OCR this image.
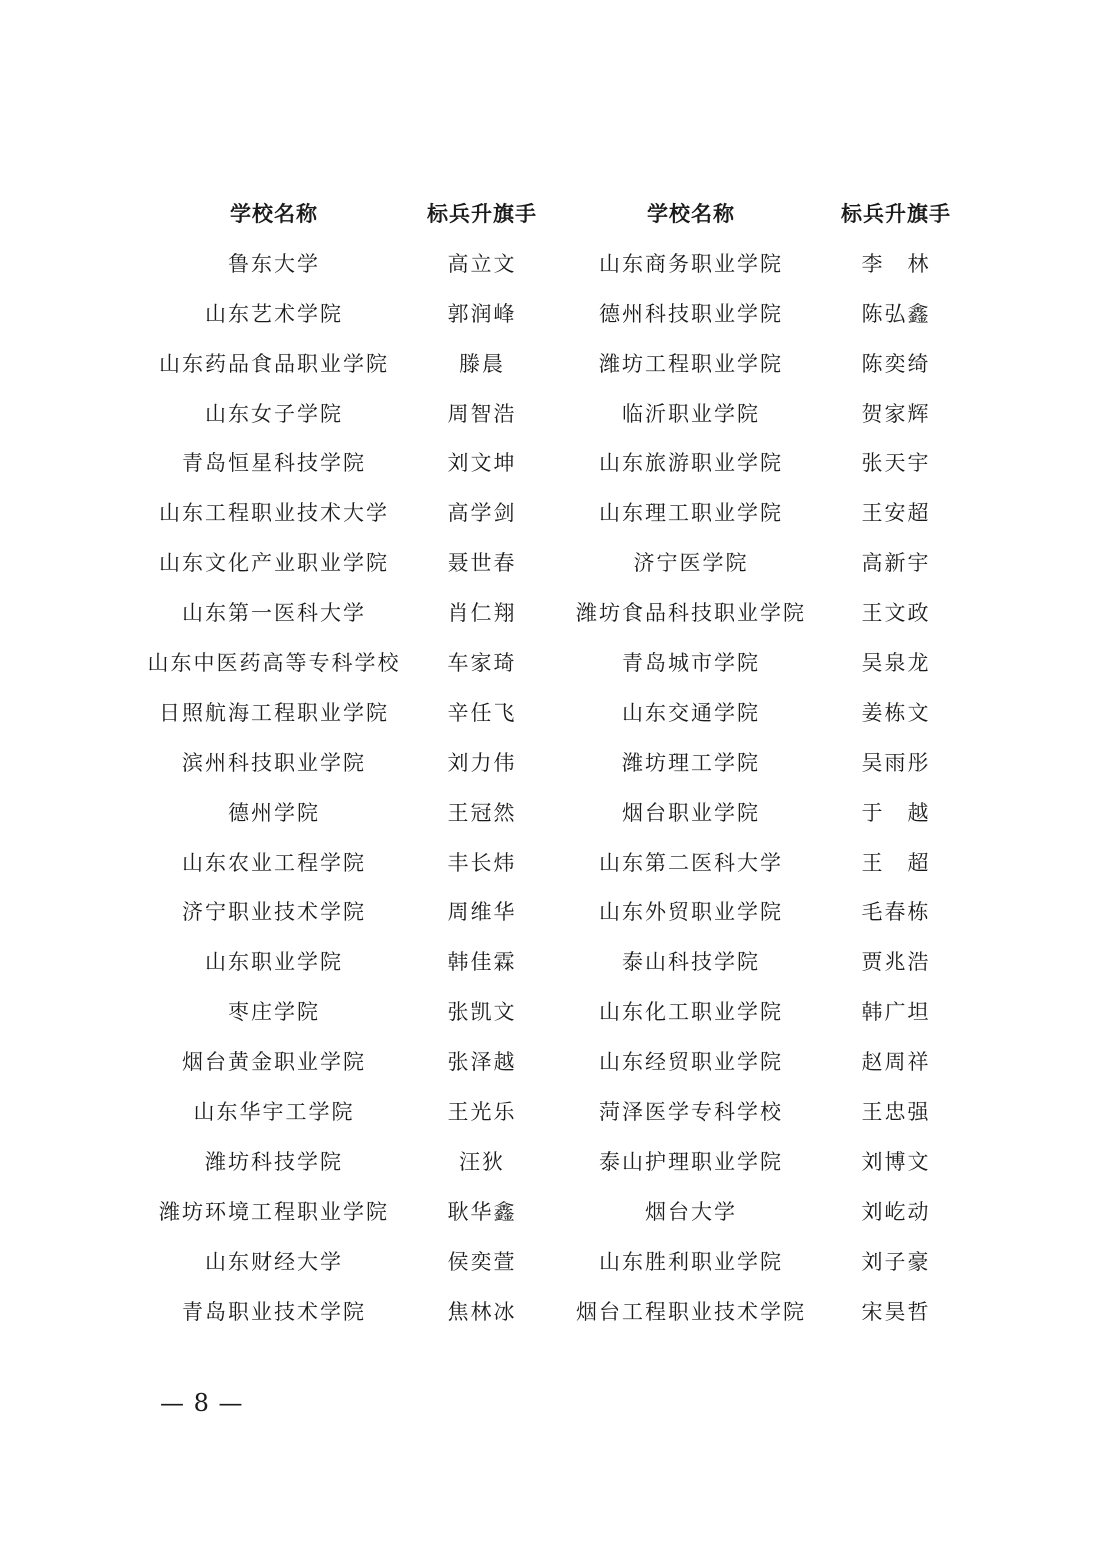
学校名称	标兵升旗手	学校名称	标兵升旗手
鲁东大学	高立文	山东商务职业学院	李　林
山东艺术学院	郭润峰	德州科技职业学院	陈弘鑫
山东药品食品职业学院	滕晨	潍坊工程职业学院	陈奕绮
山东女子学院	周智浩	临沂职业学院	贺家辉
青岛恒星科技学院	刘文坤	山东旅游职业学院	张天宇
山东工程职业技术大学	高学剑	山东理工职业学院	王安超
山东文化产业职业学院	聂世春	济宁医学院	高新宇
山东第一医科大学	肖仁翔	潍坊食品科技职业学院	王文政
山东中医药高等专科学校	车家琦	青岛城市学院	吴泉龙
日照航海工程职业学院	辛任飞	山东交通学院	姜栋文
滨州科技职业学院	刘力伟	潍坊理工学院	吴雨彤
德州学院	王冠然	烟台职业学院	于　越
山东农业工程学院	丰长炜	山东第二医科大学	王　超
济宁职业技术学院	周维华	山东外贸职业学院	毛春栋
山东职业学院	韩佳霖	泰山科技学院	贾兆浩
枣庄学院	张凯文	山东化工职业学院	韩广坦
烟台黄金职业学院	张泽越	山东经贸职业学院	赵周祥
山东华宇工学院	王光乐	菏泽医学专科学校	王忠强
潍坊科技学院	汪狄	泰山护理职业学院	刘博文
潍坊环境工程职业学院	耿华鑫	烟台大学	刘屹动
山东财经大学	侯奕萱	山东胜利职业学院	刘子豪
青岛职业技术学院	焦林冰	烟台工程职业技术学院	宋昊哲
— 8 —
